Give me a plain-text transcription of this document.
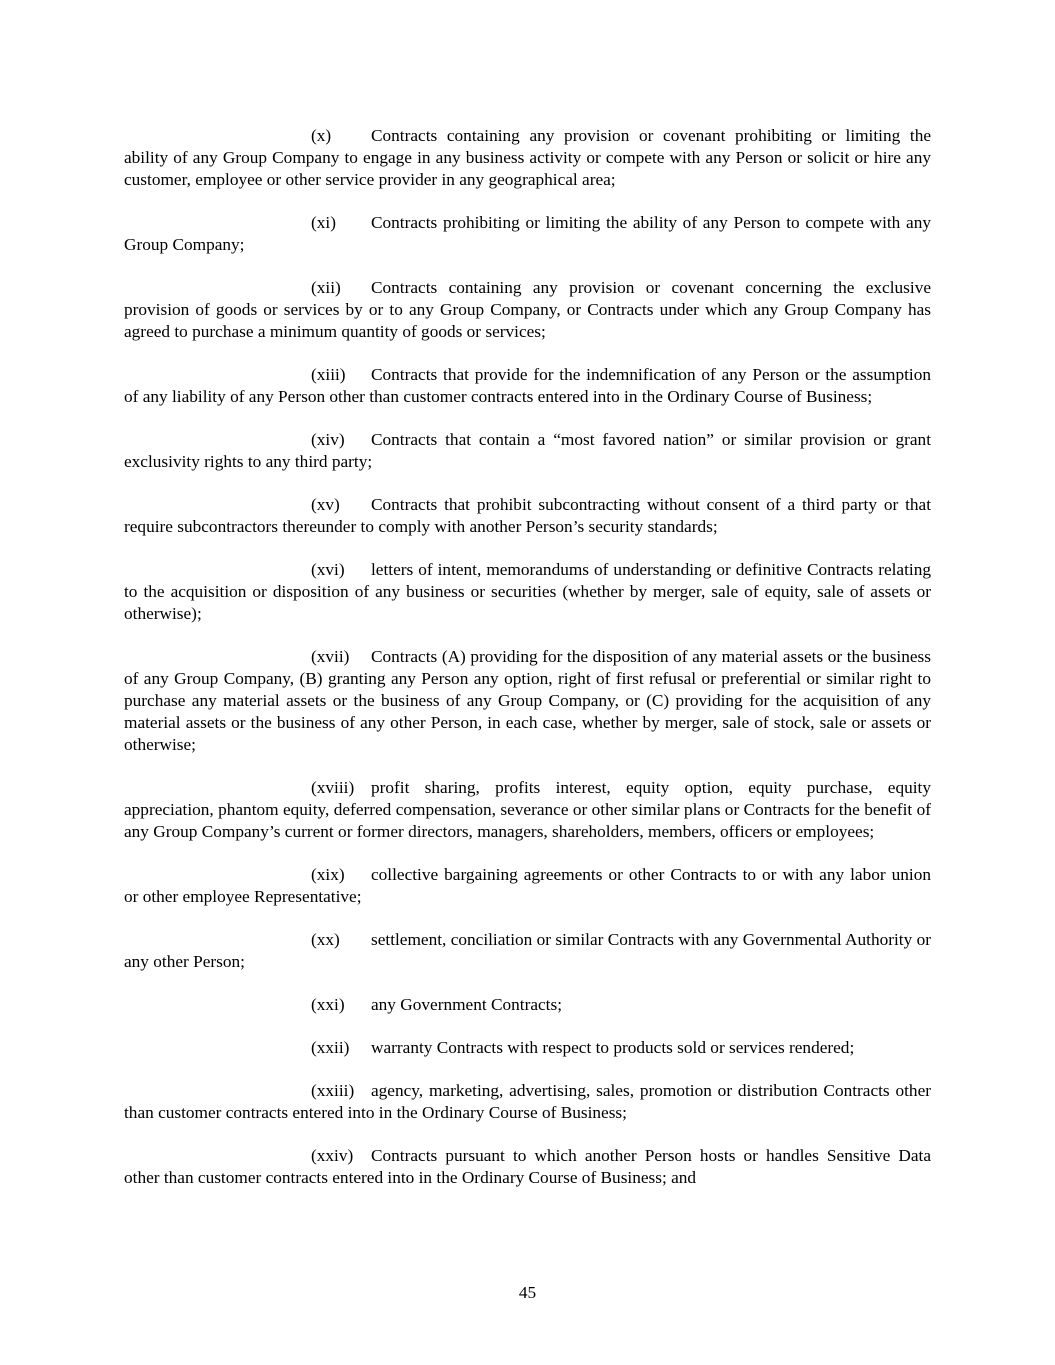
(x) Contracts containing any provision or covenant prohibiting or limiting the ability of any Group Company to engage in any business activity or compete with any Person or solicit or hire any customer, employee or other service provider in any geographical area;

(xi) Contracts prohibiting or limiting the ability of any Person to compete with any Group Company;

(xii) Contracts containing any provision or covenant concerning the exclusive provision of goods or services by or to any Group Company, or Contracts under which any Group Company has agreed to purchase a minimum quantity of goods or services;

(xiii) Contracts that provide for the indemnification of any Person or the assumption of any liability of any Person other than customer contracts entered into in the Ordinary Course of Business;

(xiv) Contracts that contain a “most favored nation” or similar provision or grant exclusivity rights to any third party;

(xv) Contracts that prohibit subcontracting without consent of a third party or that require subcontractors thereunder to comply with another Person’s security standards;

(xvi) letters of intent, memorandums of understanding or definitive Contracts relating to the acquisition or disposition of any business or securities (whether by merger, sale of equity, sale of assets or otherwise);

(xvii) Contracts (A) providing for the disposition of any material assets or the business of any Group Company, (B) granting any Person any option, right of first refusal or preferential or similar right to purchase any material assets or the business of any Group Company, or (C) providing for the acquisition of any material assets or the business of any other Person, in each case, whether by merger, sale of stock, sale or assets or otherwise;

(xviii) profit sharing, profits interest, equity option, equity purchase, equity appreciation, phantom equity, deferred compensation, severance or other similar plans or Contracts for the benefit of any Group Company’s current or former directors, managers, shareholders, members, officers or employees;

(xix) collective bargaining agreements or other Contracts to or with any labor union or other employee Representative;

(xx) settlement, conciliation or similar Contracts with any Governmental Authority or any other Person;

(xxi) any Government Contracts;

(xxii) warranty Contracts with respect to products sold or services rendered;

(xxiii) agency, marketing, advertising, sales, promotion or distribution Contracts other than customer contracts entered into in the Ordinary Course of Business;

(xxiv) Contracts pursuant to which another Person hosts or handles Sensitive Data other than customer contracts entered into in the Ordinary Course of Business; and

45
